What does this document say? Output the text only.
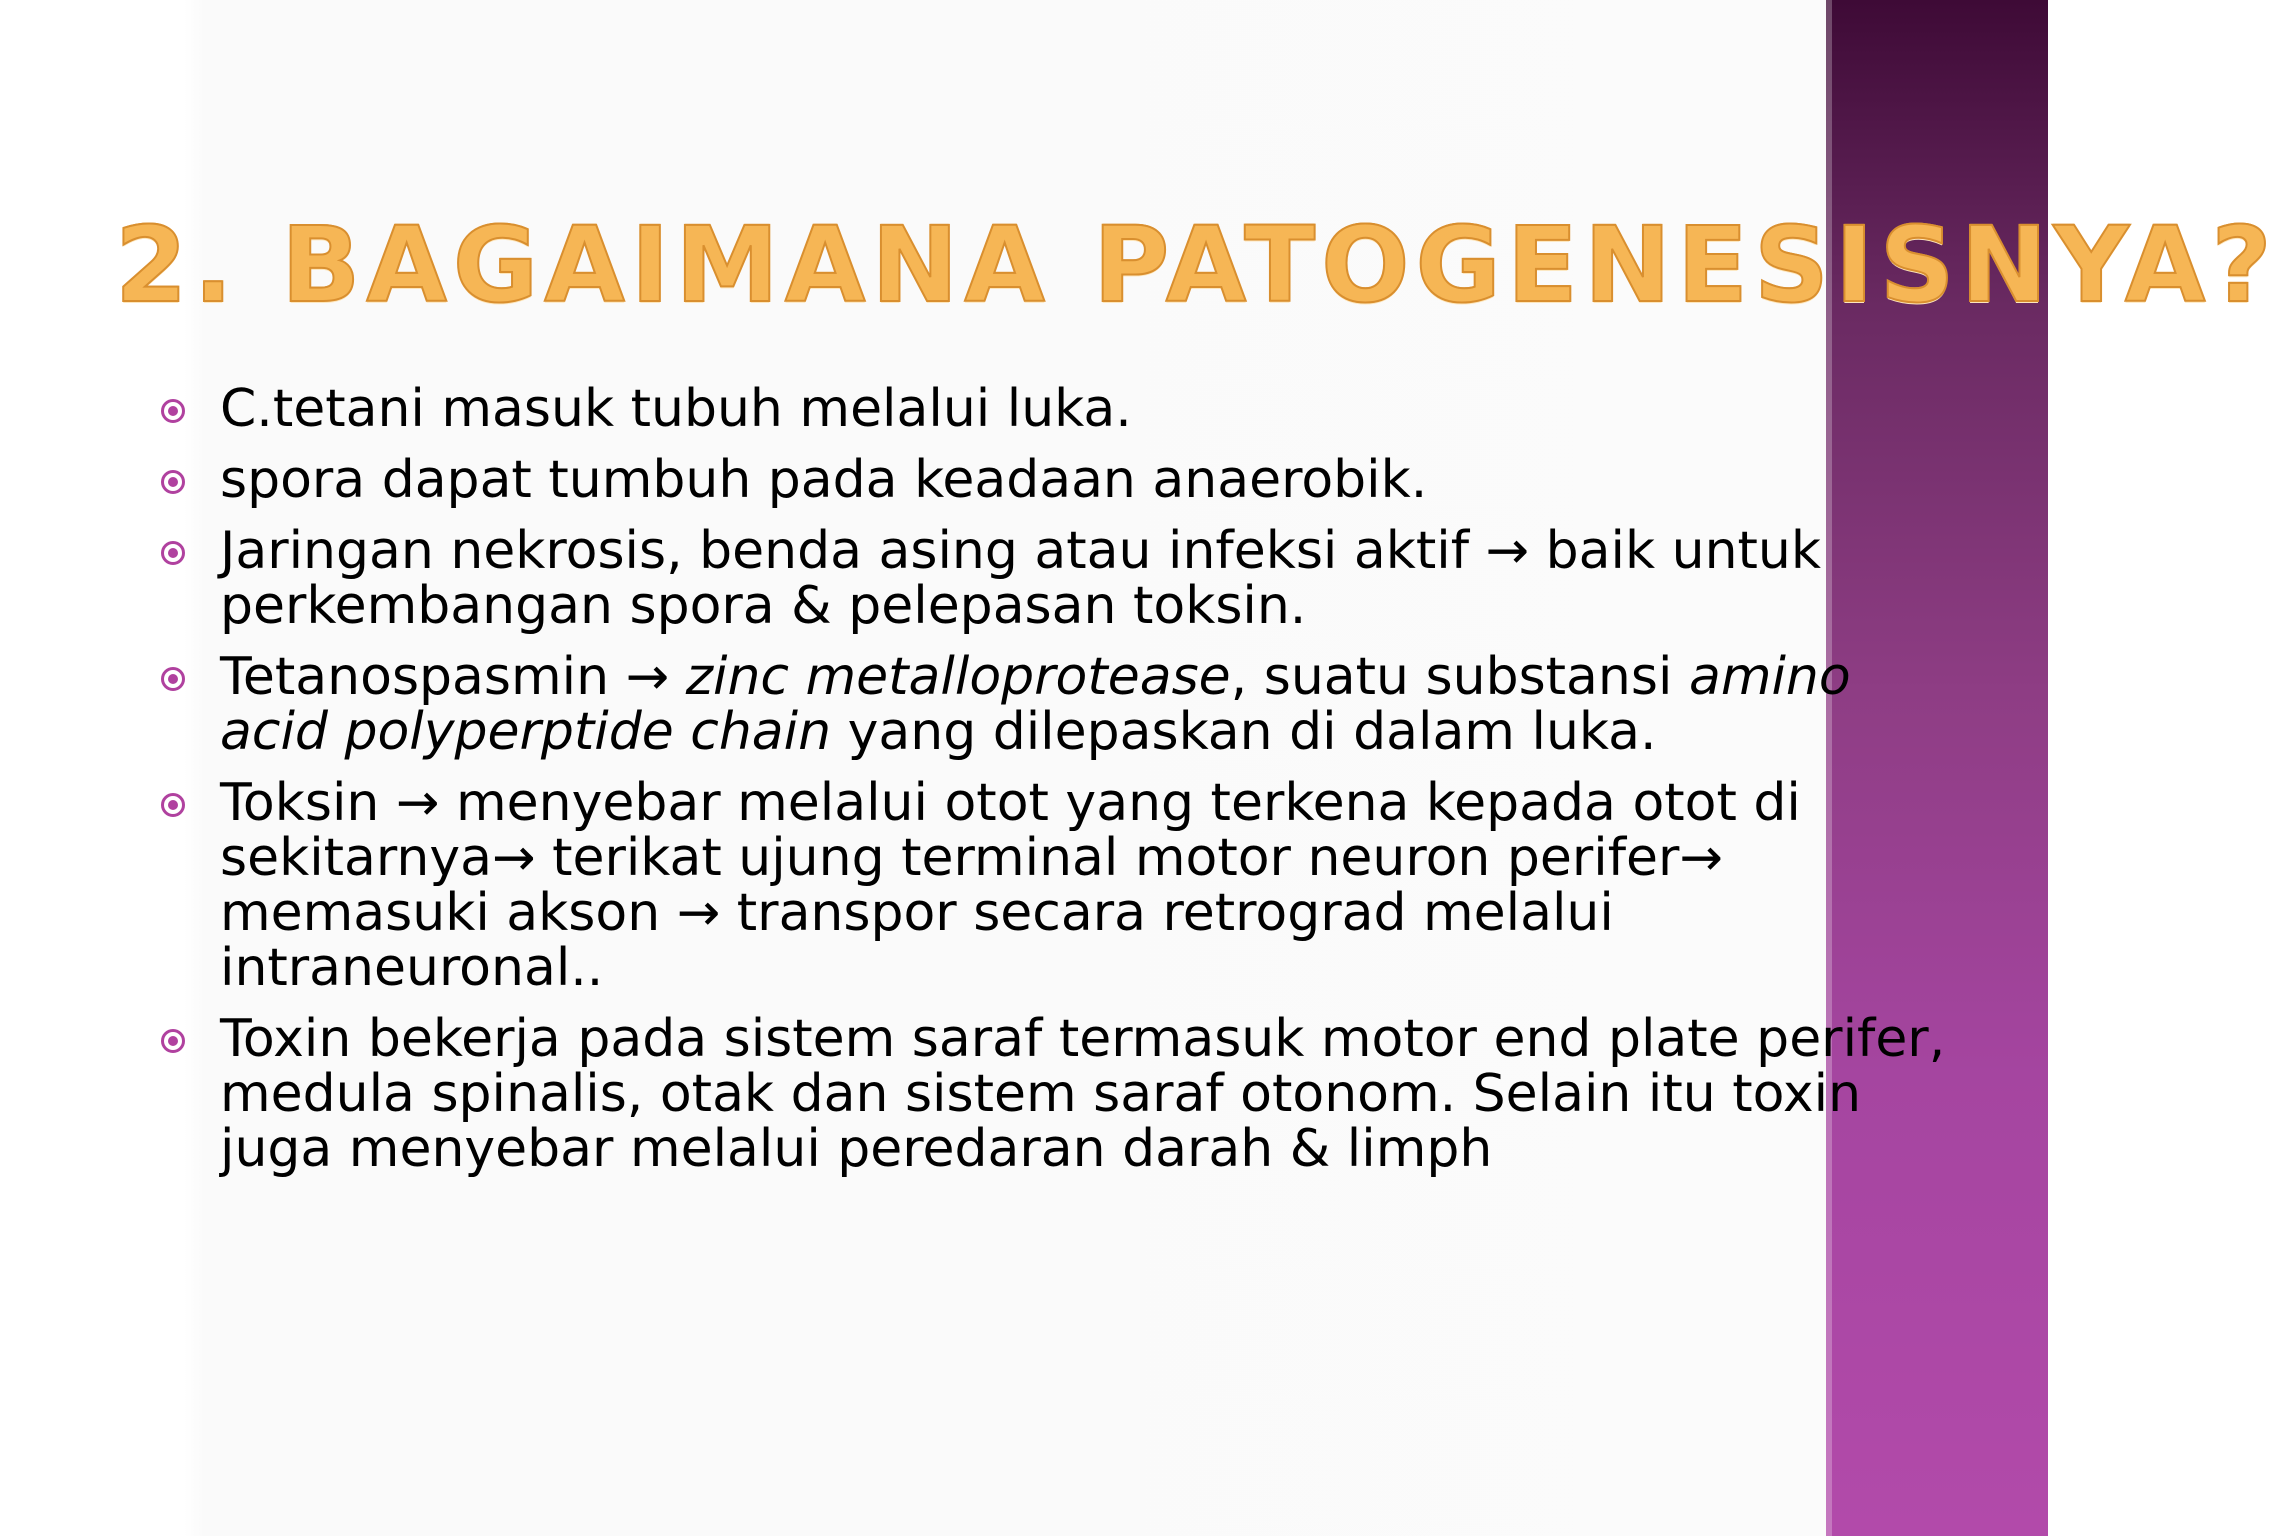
2. BAGAIMANA PATOGENESISNYA?
C.tetani masuk tubuh melalui luka.
spora dapat tumbuh pada keadaan anaerobik.
Jaringan nekrosis, benda asing atau infeksi aktif → baik untuk perkembangan spora & pelepasan toksin.
Tetanospasmin → zinc metalloprotease, suatu substansi amino acid polyperptide chain yang dilepaskan di dalam luka.
Toksin → menyebar melalui otot yang terkena kepada otot di sekitarnya→ terikat ujung terminal motor neuron perifer→ memasuki akson → transpor secara retrograd melalui intraneuronal..
Toxin bekerja pada sistem saraf termasuk motor end plate perifer, medula spinalis, otak dan sistem saraf otonom. Selain itu toxin juga menyebar melalui peredaran darah & limph
